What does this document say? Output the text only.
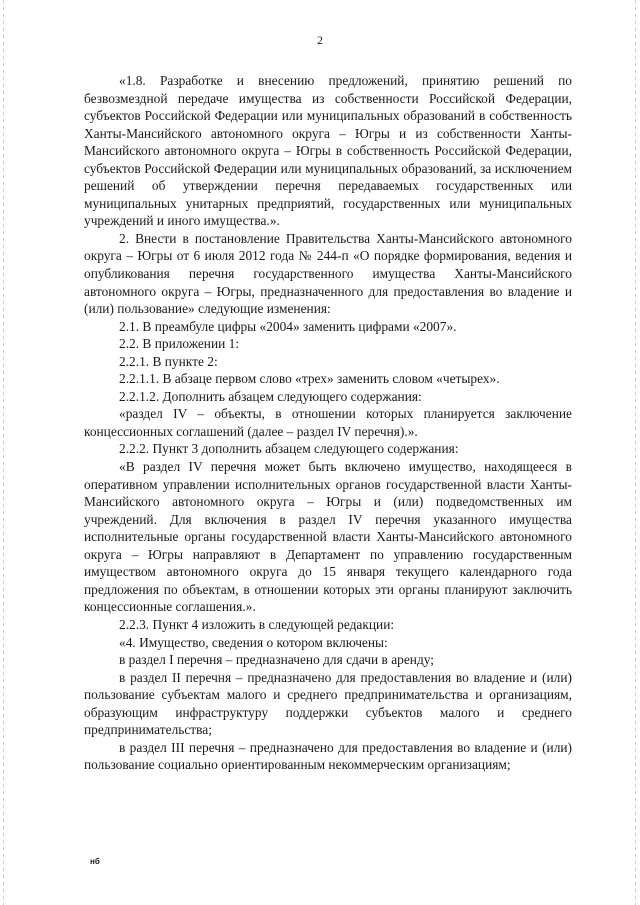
2

«1.8. Разработке и внесению предложений, принятию решений по безвозмездной передаче имущества из собственности Российской Федерации, субъектов Российской Федерации или муниципальных образований в собственность Ханты-Мансийского автономного округа – Югры и из собственности Ханты-Мансийского автономного округа – Югры в собственность Российской Федерации, субъектов Российской Федерации или муниципальных образований, за исключением решений об утверждении перечня передаваемых государственных или муниципальных унитарных предприятий, государственных или муниципальных учреждений и иного имущества.».

2. Внести в постановление Правительства Ханты-Мансийского автономного округа – Югры от 6 июля 2012 года № 244-п «О порядке формирования, ведения и опубликования перечня государственного имущества Ханты-Мансийского автономного округа – Югры, предназначенного для предоставления во владение и (или) пользование» следующие изменения:

2.1. В преамбуле цифры «2004» заменить цифрами «2007».

2.2. В приложении 1:

2.2.1. В пункте 2:

2.2.1.1. В абзаце первом слово «трех» заменить словом «четырех».

2.2.1.2. Дополнить абзацем следующего содержания:

«раздел IV – объекты, в отношении которых планируется заключение концессионных соглашений (далее – раздел IV перечня).».

2.2.2. Пункт 3 дополнить абзацем следующего содержания:

«В раздел IV перечня может быть включено имущество, находящееся в оперативном управлении исполнительных органов государственной власти Ханты-Мансийского автономного округа – Югры и (или) подведомственных им учреждений. Для включения в раздел IV перечня указанного имущества исполнительные органы государственной власти Ханты-Мансийского автономного округа – Югры направляют в Департамент по управлению государственным имуществом автономного округа до 15 января текущего календарного года предложения по объектам, в отношении которых эти органы планируют заключить концессионные соглашения.».

2.2.3. Пункт 4 изложить в следующей редакции:

«4. Имущество, сведения о котором включены:

в раздел I перечня – предназначено для сдачи в аренду;

в раздел II перечня – предназначено для предоставления во владение и (или) пользование субъектам малого и среднего предпринимательства и организациям, образующим инфраструктуру поддержки субъектов малого и среднего предпринимательства;

в раздел III перечня – предназначено для предоставления во владение и (или) пользование социально ориентированным некоммерческим организациям;

нб
